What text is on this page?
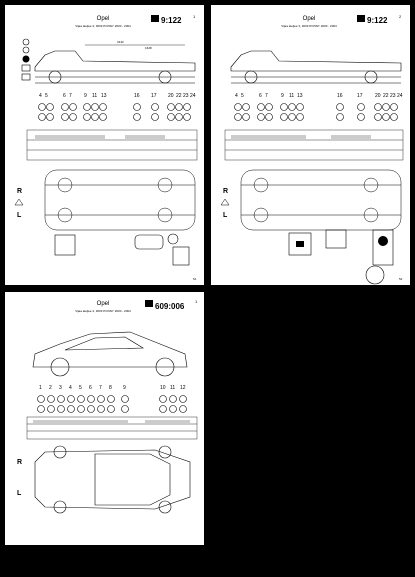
Opel
Vijaa ateljee 3, 3003 PONNY 2000 - 2004
9:122	1
3132
1628
4 5	6 7 9 11 13	16 17 20 22 23 24
R
L
51
Opel
Vijaa ateljee 3, 3003 PONNY 2000 - 2004
9:122	2
4 5	6 7	9 11 13	16	17 20 22 23 24
R
L
52
Opel
Vijaa ateljee 3, 3003 PONNY 2000 - 2004	609:006
1
1 2 3 4 5 6 7 8 9	10 11 12
R
L
CarGeometry
